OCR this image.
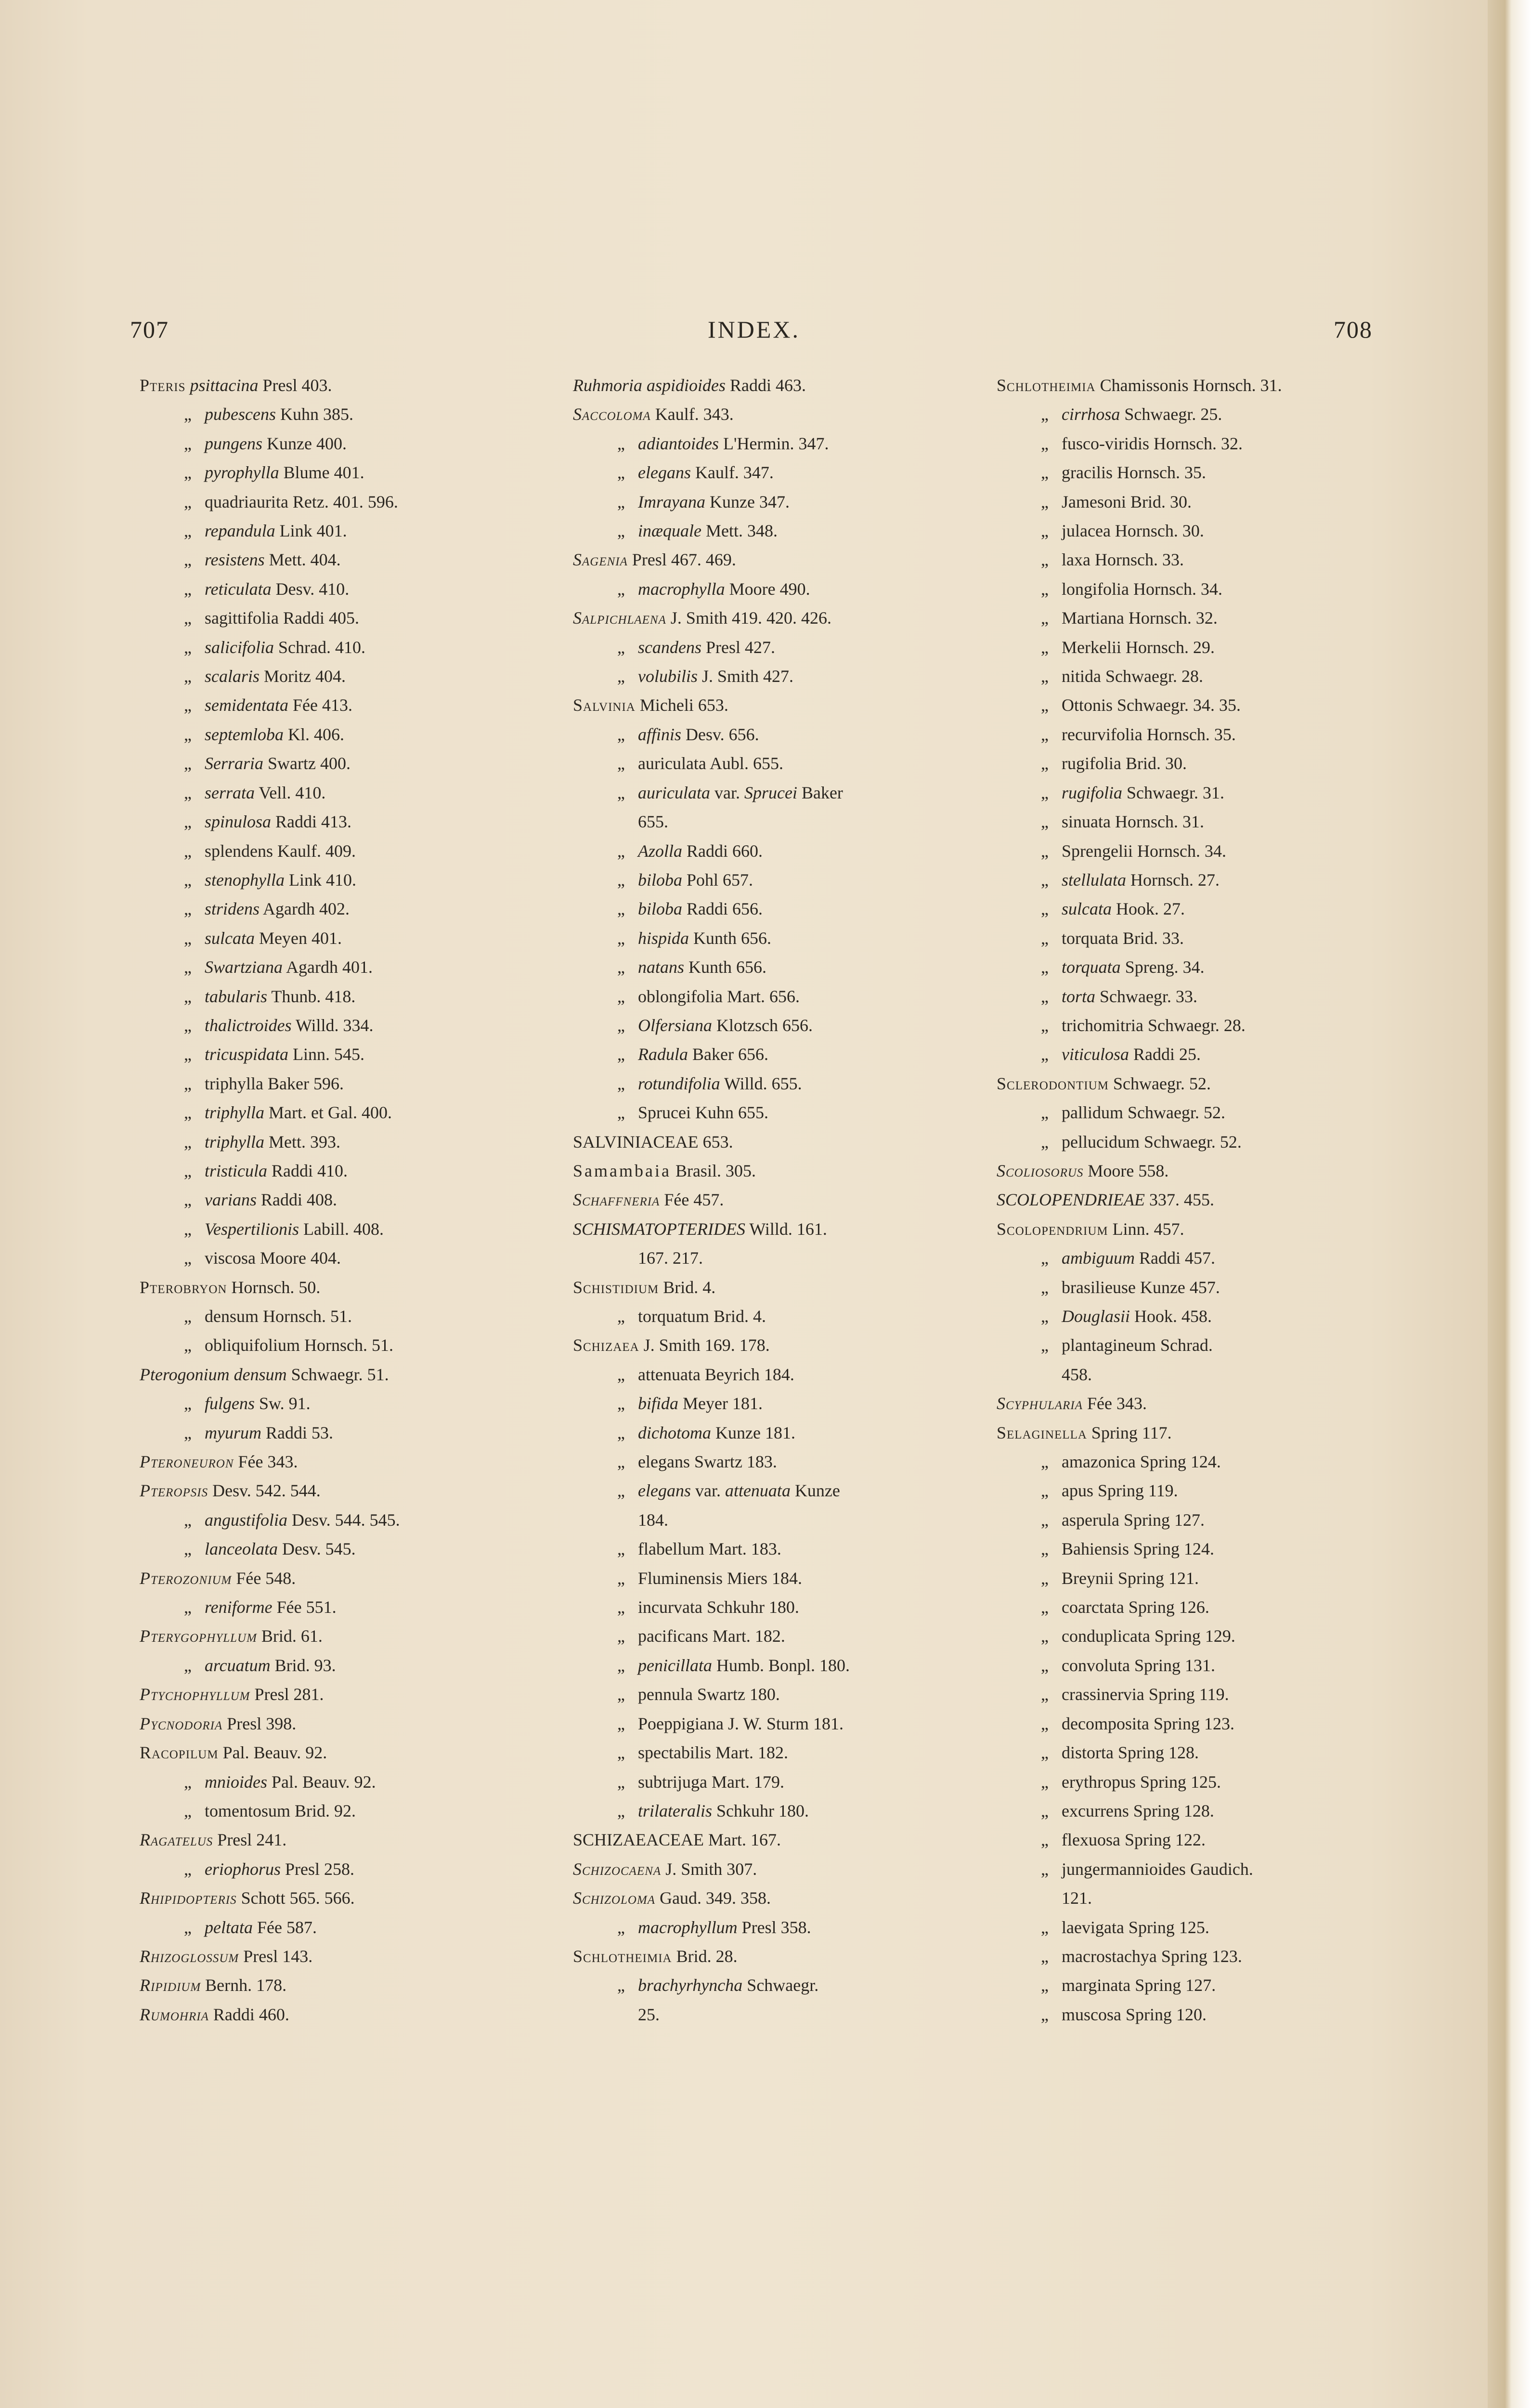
707	INDEX.	708
Pteris psittacina Presl 403.
„ pubescens Kuhn 385.
„ pungens Kunze 400.
„ pyrophylla Blume 401.
„ quadriaurita Retz. 401. 596.
„ repandula Link 401.
„ resistens Mett. 404.
„ reticulata Desv. 410.
„ sagittifolia Raddi 405.
„ salicifolia Schrad. 410.
„ scalaris Moritz 404.
„ semidentata Fée 413.
„ septemloba Kl. 406.
„ Serraria Swartz 400.
„ serrata Vell. 410.
„ spinulosa Raddi 413.
„ splendens Kaulf. 409.
„ stenophylla Link 410.
„ stridens Agardh 402.
„ sulcata Meyen 401.
„ Swartziana Agardh 401.
„ tabularis Thunb. 418.
„ thalictroides Willd. 334.
„ tricuspidata Linn. 545.
„ triphylla Baker 596.
„ triphylla Mart. et Gal. 400.
„ triphylla Mett. 393.
„ tristicula Raddi 410.
„ varians Raddi 408.
„ Vespertilionis Labill. 408.
„ viscosa Moore 404.
Pterobryon Hornsch. 50.
„ densum Hornsch. 51.
„ obliquifolium Hornsch. 51.
Pterogonium densum Schwaegr. 51.
„ fulgens Sw. 91.
„ myurum Raddi 53.
Pteroneuron Fée 343.
Pteropsis Desv. 542. 544.
„ angustifolia Desv. 544. 545.
„ lanceolata Desv. 545.
Pterozonium Fée 548.
„ reniforme Fée 551.
Pterygophyllum Brid. 61.
„ arcuatum Brid. 93.
Ptychophyllum Presl 281.
Pycnodoria Presl 398.
Racopilum Pal. Beauv. 92.
„ mnioides Pal. Beauv. 92.
„ tomentosum Brid. 92.
Ragatelus Presl 241.
„ eriophorus Presl 258.
Rhipidopteris Schott 565. 566.
„ peltata Fée 587.
Rhizoglossum Presl 143.
Ripidium Bernh. 178.
Rumohria Raddi 460.
Ruhmoria aspidioides Raddi 463.
Saccoloma Kaulf. 343.
„ adiantoides L'Hermin. 347.
„ elegans Kaulf. 347.
„ Imrayana Kunze 347.
„ inæquale Mett. 348.
Sagenia Presl 467. 469.
„ macrophylla Moore 490.
Salpichlaena J. Smith 419. 420. 426.
„ scandens Presl 427.
„ volubilis J. Smith 427.
Salvinia Micheli 653.
„ affinis Desv. 656.
„ auriculata Aubl. 655.
„ auriculata var. Sprucei Baker
655.
„ Azolla Raddi 660.
„ biloba Pohl 657.
„ biloba Raddi 656.
„ hispida Kunth 656.
„ natans Kunth 656.
„ oblongifolia Mart. 656.
„ Olfersiana Klotzsch 656.
„ Radula Baker 656.
„ rotundifolia Willd. 655.
„ Sprucei Kuhn 655.
SALVINIACEAE 653.
Samambaia Brasil. 305.
Schaffneria Fée 457.
SCHISMATOPTERIDES Willd. 161.
167. 217.
Schistidium Brid. 4.
„ torquatum Brid. 4.
Schizaea J. Smith 169. 178.
„ attenuata Beyrich 184.
„ bifida Meyer 181.
„ dichotoma Kunze 181.
„ elegans Swartz 183.
„ elegans var. attenuata Kunze
184.
„ flabellum Mart. 183.
„ Fluminensis Miers 184.
„ incurvata Schkuhr 180.
„ pacificans Mart. 182.
„ penicillata Humb. Bonpl. 180.
„ pennula Swartz 180.
„ Poeppigiana J. W. Sturm 181.
„ spectabilis Mart. 182.
„ subtrijuga Mart. 179.
„ trilateralis Schkuhr 180.
SCHIZAEACEAE Mart. 167.
Schizocaena J. Smith 307.
Schizoloma Gaud. 349. 358.
„ macrophyllum Presl 358.
Schlotheimia Brid. 28.
„ brachyrhyncha Schwaegr.
25.
Schlotheimia Chamissonis Hornsch. 31.
„ cirrhosa Schwaegr. 25.
„ fusco-viridis Hornsch. 32.
„ gracilis Hornsch. 35.
„ Jamesoni Brid. 30.
„ julacea Hornsch. 30.
„ laxa Hornsch. 33.
„ longifolia Hornsch. 34.
„ Martiana Hornsch. 32.
„ Merkelii Hornsch. 29.
„ nitida Schwaegr. 28.
„ Ottonis Schwaegr. 34. 35.
„ recurvifolia Hornsch. 35.
„ rugifolia Brid. 30.
„ rugifolia Schwaegr. 31.
„ sinuata Hornsch. 31.
„ Sprengelii Hornsch. 34.
„ stellulata Hornsch. 27.
„ sulcata Hook. 27.
„ torquata Brid. 33.
„ torquata Spreng. 34.
„ torta Schwaegr. 33.
„ trichomitria Schwaegr. 28.
„ viticulosa Raddi 25.
Sclerodontium Schwaegr. 52.
„ pallidum Schwaegr. 52.
„ pellucidum Schwaegr. 52.
Scoliosorus Moore 558.
SCOLOPENDRIEAE 337. 455.
Scolopendrium Linn. 457.
„ ambiguum Raddi 457.
„ brasilieuse Kunze 457.
„ Douglasii Hook. 458.
„ plantagineum Schrad.
458.
Scyphularia Fée 343.
Selaginella Spring 117.
„ amazonica Spring 124.
„ apus Spring 119.
„ asperula Spring 127.
„ Bahiensis Spring 124.
„ Breynii Spring 121.
„ coarctata Spring 126.
„ conduplicata Spring 129.
„ convoluta Spring 131.
„ crassinervia Spring 119.
„ decomposita Spring 123.
„ distorta Spring 128.
„ erythropus Spring 125.
„ excurrens Spring 128.
„ flexuosa Spring 122.
„ jungermannioides Gaudich.
121.
„ laevigata Spring 125.
„ macrostachya Spring 123.
„ marginata Spring 127.
„ muscosa Spring 120.
